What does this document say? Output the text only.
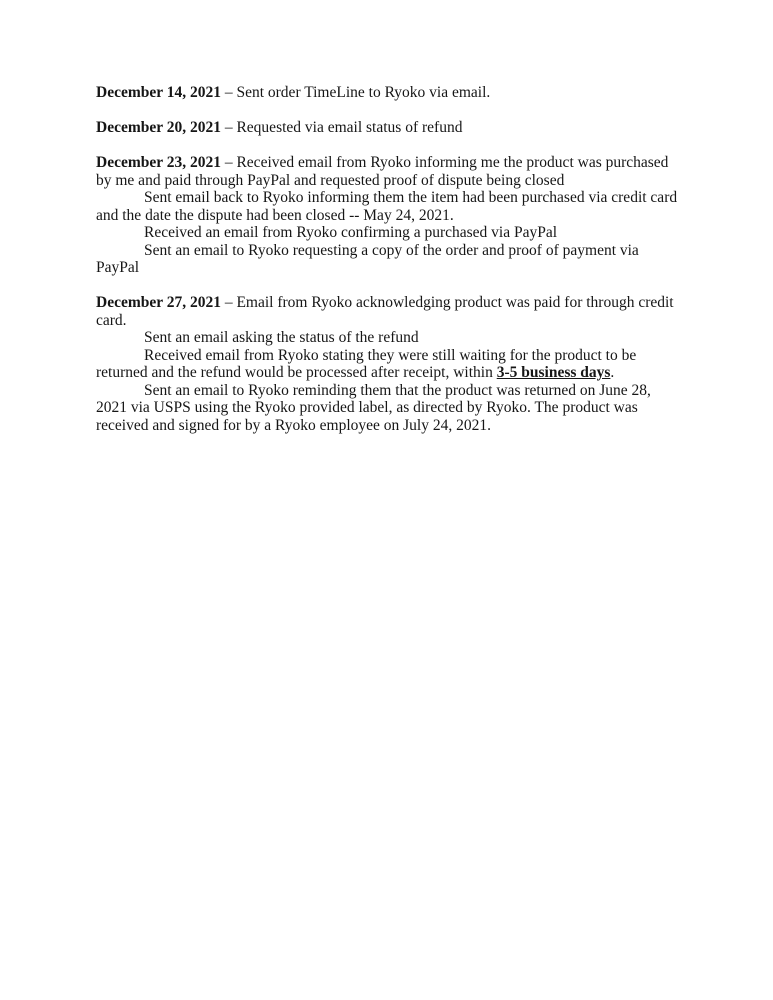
December 14, 2021 – Sent order TimeLine to Ryoko via email.

December 20, 2021 – Requested via email status of refund

December 23, 2021 – Received email from Ryoko informing me the product was purchased by me and paid through PayPal and requested proof of dispute being closed

Sent email back to Ryoko informing them the item had been purchased via credit card and the date the dispute had been closed -- May 24, 2021.

Received an email from Ryoko confirming a purchased via PayPal

Sent an email to Ryoko requesting a copy of the order and proof of payment via PayPal

December 27, 2021 – Email from Ryoko acknowledging product was paid for through credit card.

Sent an email asking the status of the refund

Received email from Ryoko stating they were still waiting for the product to be returned and the refund would be processed after receipt, within 3-5 business days.

Sent an email to Ryoko reminding them that the product was returned on June 28, 2021 via USPS using the Ryoko provided label, as directed by Ryoko. The product was received and signed for by a Ryoko employee on July 24, 2021.
